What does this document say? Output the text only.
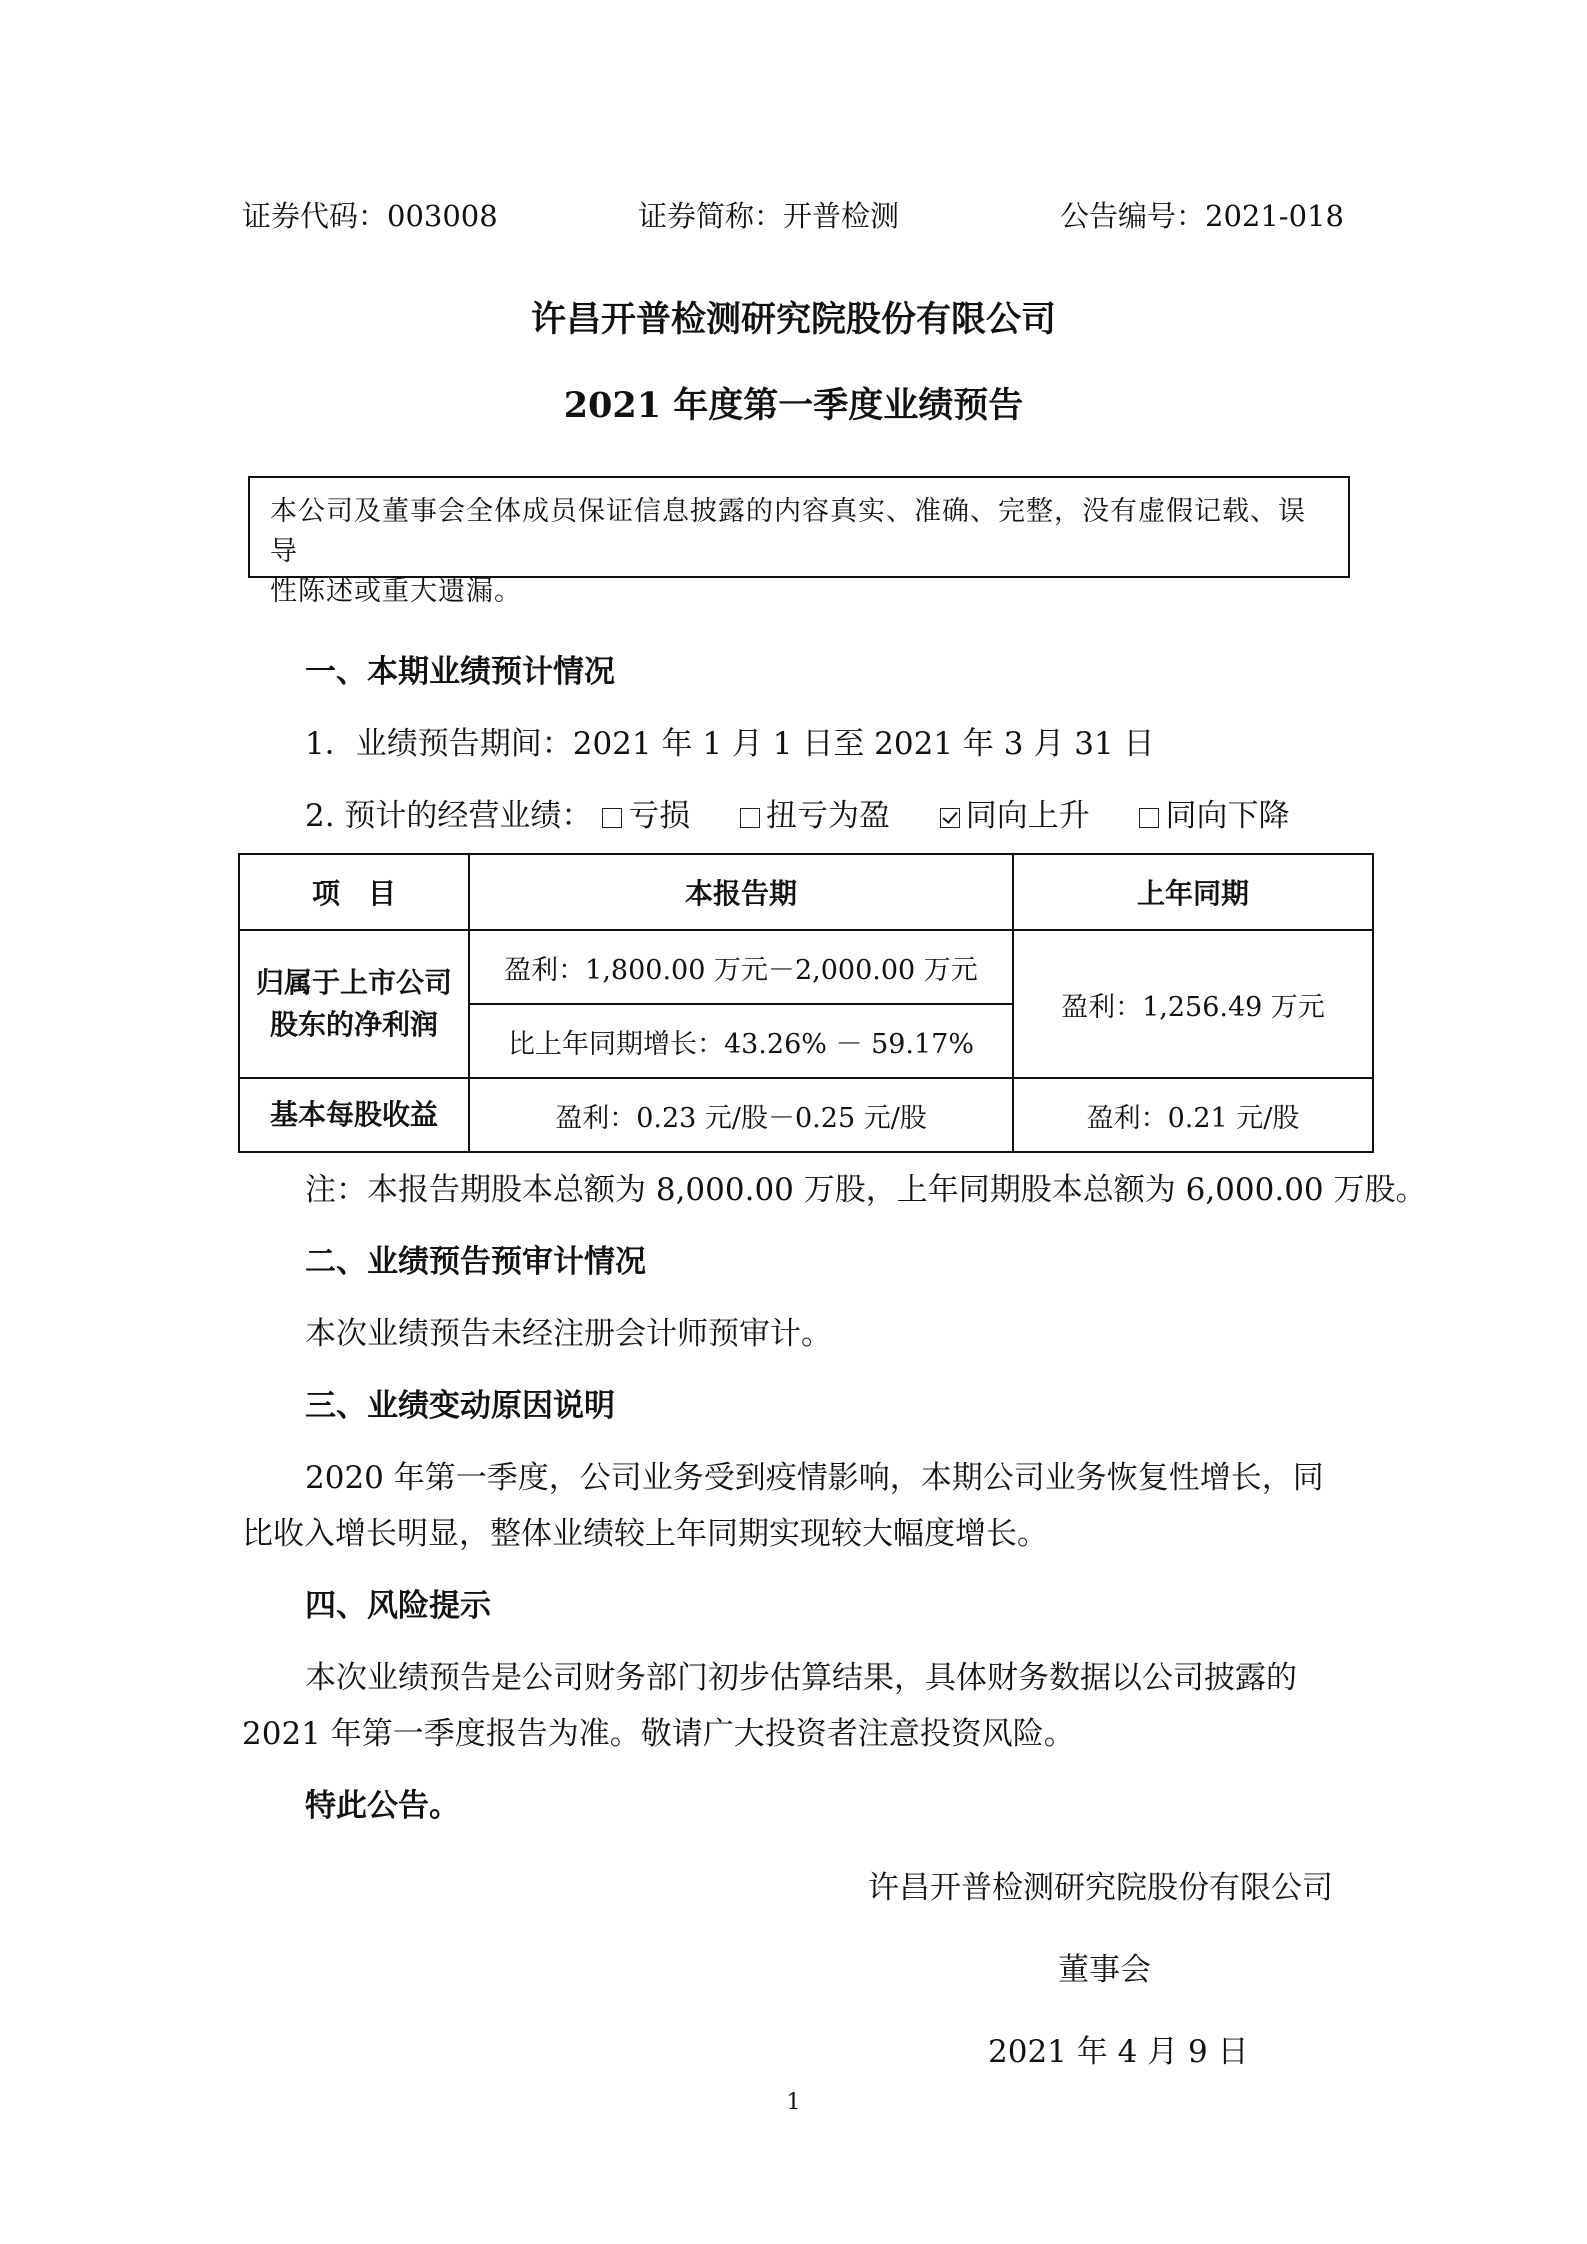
证券代码：003008	证券简称：开普检测	公告编号：2021-018
许昌开普检测研究院股份有限公司
2021 年度第一季度业绩预告
本公司及董事会全体成员保证信息披露的内容真实、准确、完整，没有虚假记载、误导
性陈述或重大遗漏。
一、本期业绩预计情况
1．业绩预告期间：2021 年 1 月 1 日至 2021 年 3 月 31 日
2. 预计的经营业绩： 亏损 扭亏为盈 同向上升 同向下降
项　目	本报告期	上年同期

归属于上市公司
股东的净利润	盈利：1,800.00 万元－2,000.00 万元	盈利：1,256.49 万元
	比上年同期增长：43.26% － 59.17%	
基本每股收益	盈利：0.23 元/股－0.25 元/股	盈利：0.21 元/股
注：本报告期股本总额为 8,000.00 万股，上年同期股本总额为 6,000.00 万股。
二、业绩预告预审计情况
本次业绩预告未经注册会计师预审计。
三、业绩变动原因说明
2020 年第一季度，公司业务受到疫情影响，本期公司业务恢复性增长，同
比收入增长明显，整体业绩较上年同期实现较大幅度增长。
四、风险提示
本次业绩预告是公司财务部门初步估算结果，具体财务数据以公司披露的
2021 年第一季度报告为准。敬请广大投资者注意投资风险。
特此公告。
许昌开普检测研究院股份有限公司
董事会
2021 年 4 月 9 日
1
